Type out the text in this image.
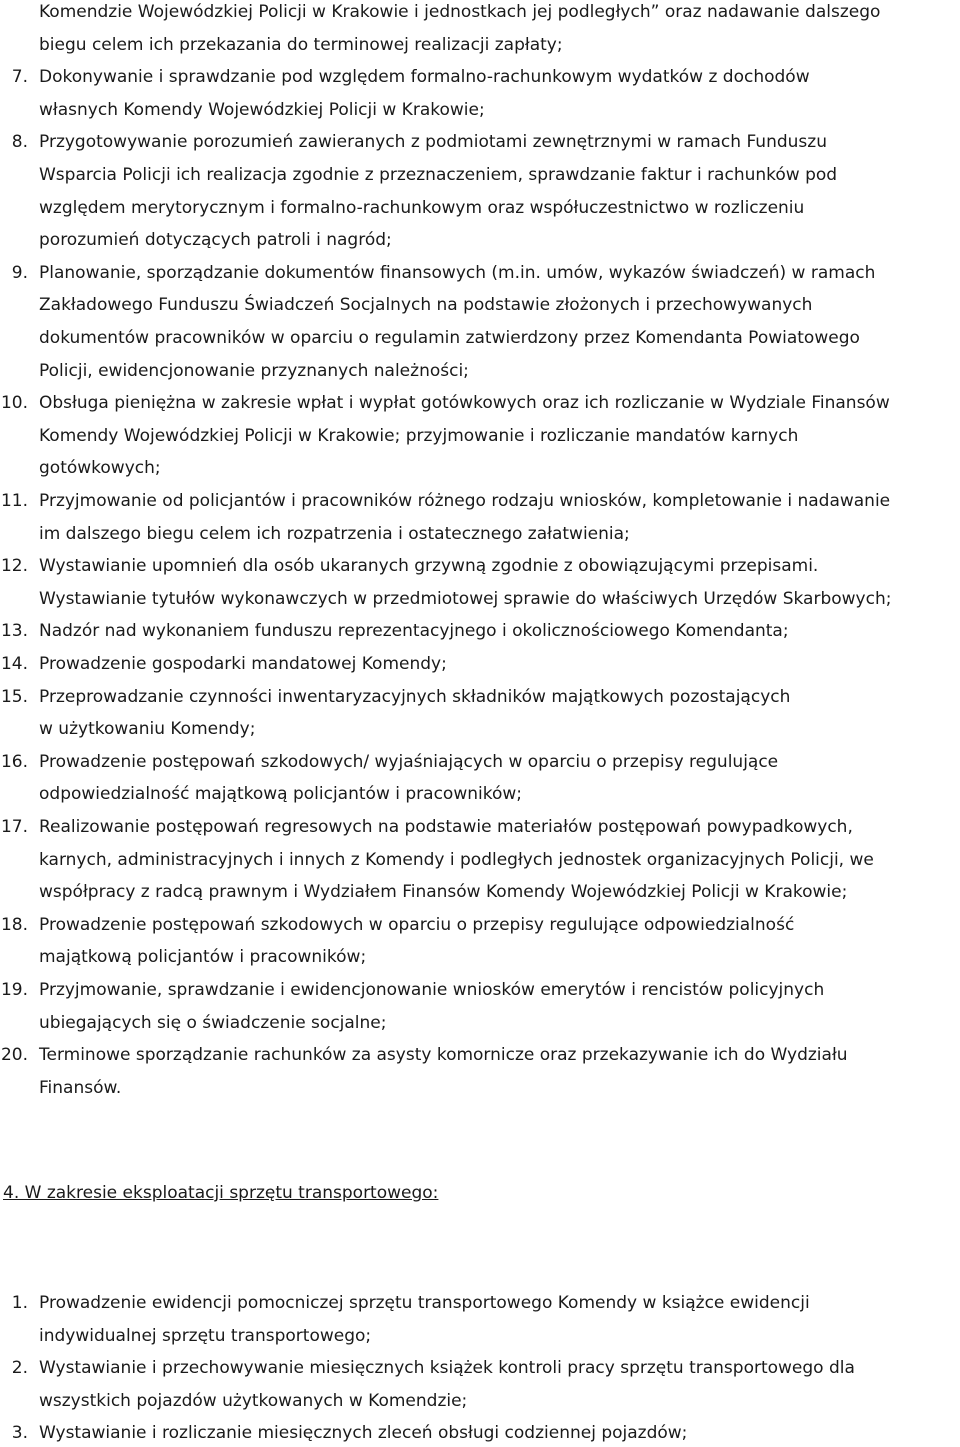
Komendzie Wojewódzkiej Policji w Krakowie i jednostkach jej podległych” oraz nadawanie dalszego
biegu celem ich przekazania do terminowej realizacji zapłaty;
7. Dokonywanie i sprawdzanie pod względem formalno-rachunkowym wydatków z dochodów
własnych Komendy Wojewódzkiej Policji w Krakowie;
8. Przygotowywanie porozumień zawieranych z podmiotami zewnętrznymi w ramach Funduszu
Wsparcia Policji ich realizacja zgodnie z przeznaczeniem, sprawdzanie faktur i rachunków pod
względem merytorycznym i formalno-rachunkowym oraz współuczestnictwo w rozliczeniu
porozumień dotyczących patroli i nagród;
9. Planowanie, sporządzanie dokumentów finansowych (m.in. umów, wykazów świadczeń) w ramach
Zakładowego Funduszu Świadczeń Socjalnych na podstawie złożonych i przechowywanych
dokumentów pracowników w oparciu o regulamin zatwierdzony przez Komendanta Powiatowego
Policji, ewidencjonowanie przyznanych należności;
10. Obsługa pieniężna w zakresie wpłat i wypłat gotówkowych oraz ich rozliczanie w Wydziale Finansów
Komendy Wojewódzkiej Policji w Krakowie; przyjmowanie i rozliczanie mandatów karnych
gotówkowych;
11. Przyjmowanie od policjantów i pracowników różnego rodzaju wniosków, kompletowanie i nadawanie
im dalszego biegu celem ich rozpatrzenia i ostatecznego załatwienia;
12. Wystawianie upomnień dla osób ukaranych grzywną zgodnie z obowiązującymi przepisami.
Wystawianie tytułów wykonawczych w przedmiotowej sprawie do właściwych Urzędów Skarbowych;
13. Nadzór nad wykonaniem funduszu reprezentacyjnego i okolicznościowego Komendanta;
14. Prowadzenie gospodarki mandatowej Komendy;
15. Przeprowadzanie czynności inwentaryzacyjnych składników majątkowych pozostających
w użytkowaniu Komendy;
16. Prowadzenie postępowań szkodowych/ wyjaśniających w oparciu o przepisy regulujące
odpowiedzialność majątkową policjantów i pracowników;
17. Realizowanie postępowań regresowych na podstawie materiałów postępowań powypadkowych,
karnych, administracyjnych i innych z Komendy i podległych jednostek organizacyjnych Policji, we
współpracy z radcą prawnym i Wydziałem Finansów Komendy Wojewódzkiej Policji w Krakowie;
18. Prowadzenie postępowań szkodowych w oparciu o przepisy regulujące odpowiedzialność
majątkową policjantów i pracowników;
19. Przyjmowanie, sprawdzanie i ewidencjonowanie wniosków emerytów i rencistów policyjnych
ubiegających się o świadczenie socjalne;
20. Terminowe sporządzanie rachunków za asysty komornicze oraz przekazywanie ich do Wydziału
Finansów.
4. W zakresie eksploatacji sprzętu transportowego:
1. Prowadzenie ewidencji pomocniczej sprzętu transportowego Komendy w książce ewidencji
indywidualnej sprzętu transportowego;
2. Wystawianie i przechowywanie miesięcznych książek kontroli pracy sprzętu transportowego dla
wszystkich pojazdów użytkowanych w Komendzie;
3. Wystawianie i rozliczanie miesięcznych zleceń obsługi codziennej pojazdów;
